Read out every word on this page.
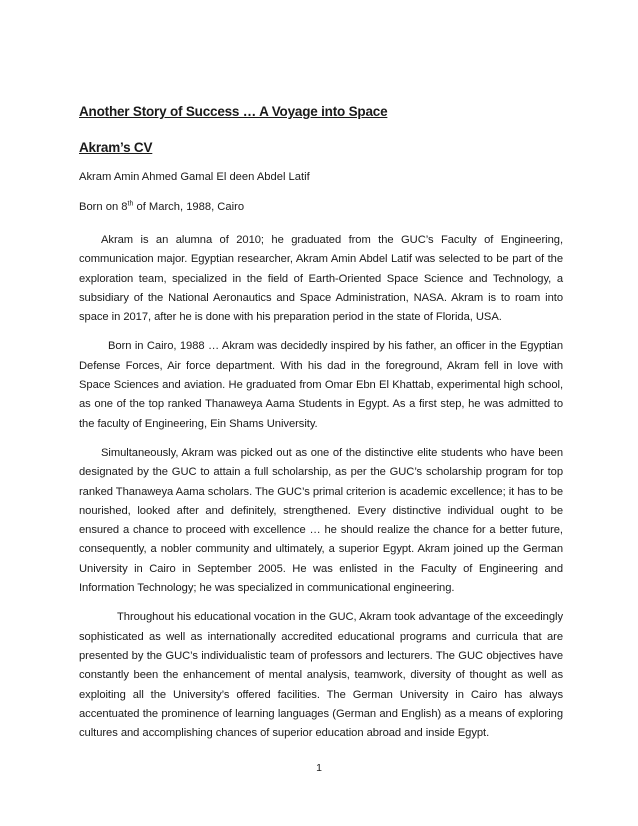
Another Story of Success … A Voyage into Space

Akram’s CV

Akram Amin Ahmed Gamal El deen Abdel Latif

Born on 8th of March, 1988, Cairo

Akram is an alumna of 2010; he graduated from the GUC’s Faculty of Engineering, communication major. Egyptian researcher, Akram Amin Abdel Latif was selected to be part of the exploration team, specialized in the field of Earth-Oriented Space Science and Technology, a subsidiary of the National Aeronautics and Space Administration, NASA. Akram is to roam into space in 2017, after he is done with his preparation period in the state of Florida, USA.

Born in Cairo, 1988 … Akram was decidedly inspired by his father, an officer in the Egyptian Defense Forces, Air force department. With his dad in the foreground, Akram fell in love with Space Sciences and aviation. He graduated from Omar Ebn El Khattab, experimental high school, as one of the top ranked Thanaweya Aama Students in Egypt. As a first step, he was admitted to the faculty of Engineering, Ein Shams University.

Simultaneously, Akram was picked out as one of the distinctive elite students who have been designated by the GUC to attain a full scholarship, as per the GUC’s scholarship program for top ranked Thanaweya Aama scholars. The GUC’s primal criterion is academic excellence; it has to be nourished, looked after and definitely, strengthened. Every distinctive individual ought to be ensured a chance to proceed with excellence … he should realize the chance for a better future, consequently, a nobler community and ultimately, a superior Egypt. Akram joined up the German University in Cairo in September 2005. He was enlisted in the Faculty of Engineering and Information Technology; he was specialized in communicational engineering.

Throughout his educational vocation in the GUC, Akram took advantage of the exceedingly sophisticated as well as internationally accredited educational programs and curricula that are presented by the GUC’s individualistic team of professors and lecturers. The GUC objectives have constantly been the enhancement of mental analysis, teamwork, diversity of thought as well as exploiting all the University’s offered facilities. The German University in Cairo has always accentuated the prominence of learning languages (German and English) as a means of exploring cultures and accomplishing chances of superior education abroad and inside Egypt.

1
